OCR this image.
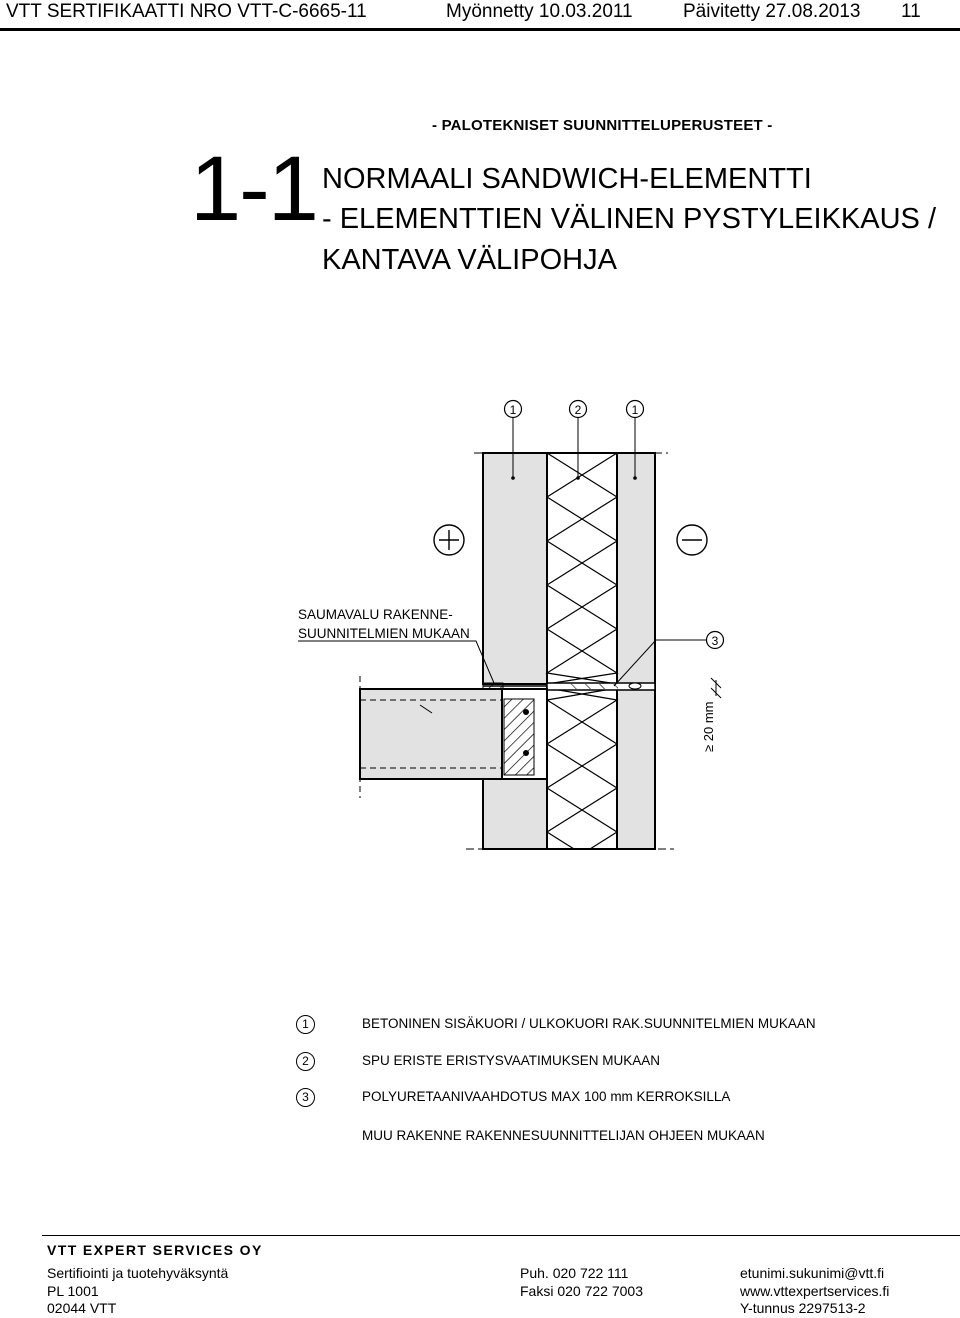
VTT SERTIFIKAATTI NRO VTT-C-6665-11	Myönnetty 10.03.2011	Päivitetty 27.08.2013 11
- PALOTEKNISET SUUNNITTELUPERUSTEET -
1-1 NORMAALI SANDWICH-ELEMENTTI
- ELEMENTTIEN VÄLINEN PYSTYLEIKKAUS /
KANTAVA VÄLIPOHJA
1	2	1
3
SAUMAVALU RAKENNE-
SUUNNITELMIEN MUKAAN
≥ 20 mm
1	BETONINEN SISÄKUORI / ULKOKUORI RAK.SUUNNITELMIEN MUKAAN
2	SPU ERISTE ERISTYSVAATIMUKSEN MUKAAN
3	POLYURETAANIVAAHDOTUS MAX 100 mm KERROKSILLA
MUU RAKENNE RAKENNESUUNNITTELIJAN OHJEEN MUKAAN
VTT EXPERT SERVICES OY
Sertifiointi ja tuotehyväksyntä
PL 1001
02044 VTT
Puh. 020 722 111
Faksi 020 722 7003
etunimi.sukunimi@vtt.fi
www.vttexpertservices.fi
Y-tunnus 2297513-2
